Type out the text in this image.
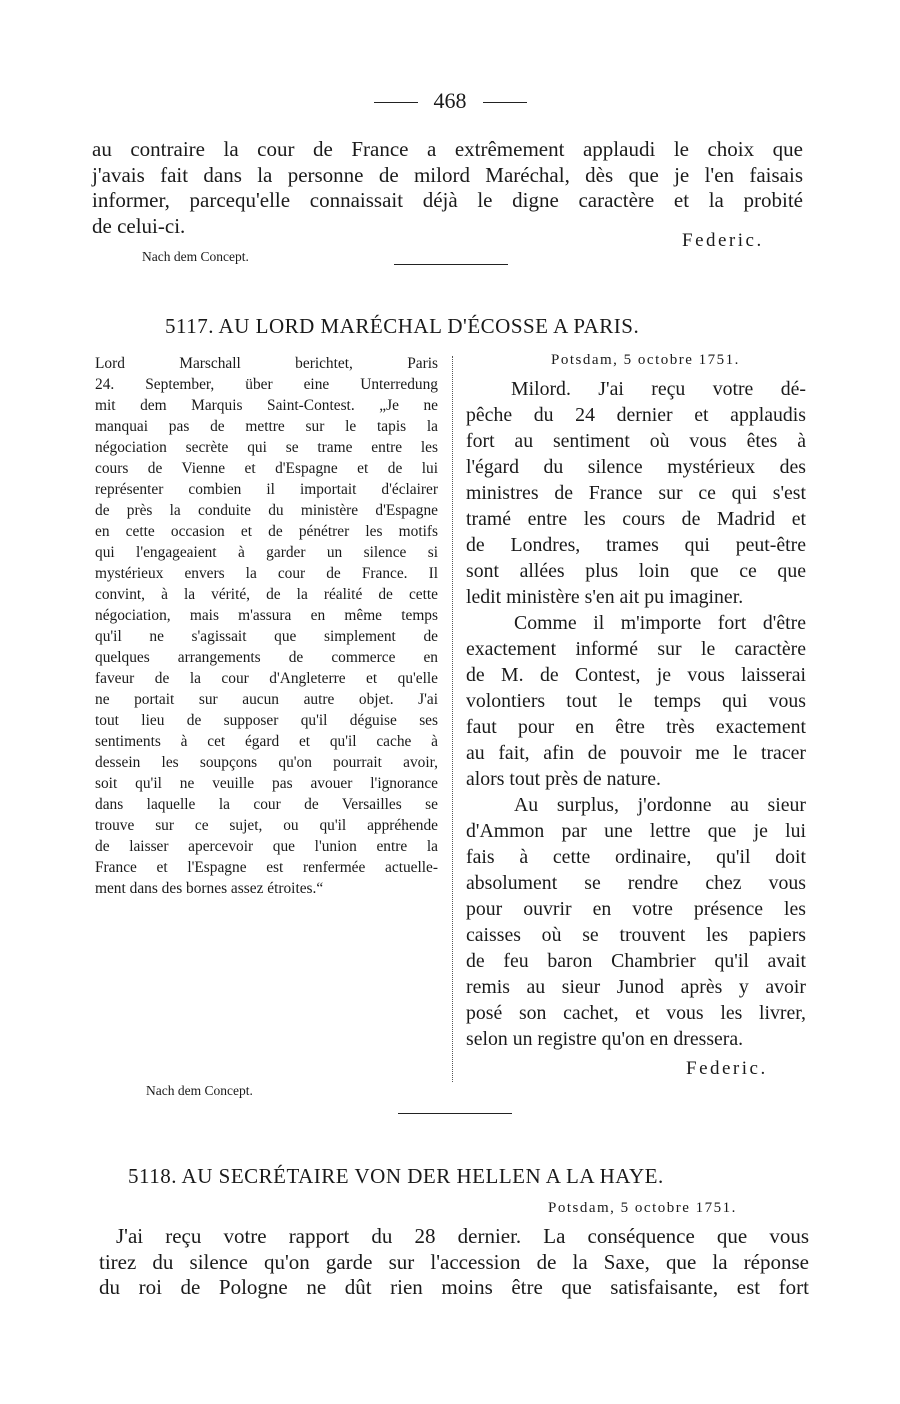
468
au contraire la cour de France a extrêmement applaudi le choix que
j'avais fait dans la personne de milord Maréchal, dès que je l'en faisais
informer, parcequ'elle connaissait déjà le digne caractère et la probité
de celui-ci.
Federic.
Nach dem Concept.
5117. AU LORD MARÉCHAL D'ÉCOSSE A PARIS.
Lord Marschall berichtet, Paris
24. September, über eine Unterredung
mit dem Marquis Saint-Contest. „Je ne
manquai pas de mettre sur le tapis la
négociation secrète qui se trame entre les
cours de Vienne et d'Espagne et de lui
représenter combien il importait d'éclairer
de près la conduite du ministère d'Espagne
en cette occasion et de pénétrer les motifs
qui l'engageaient à garder un silence si
mystérieux envers la cour de France. Il
convint, à la vérité, de la réalité de cette
négociation, mais m'assura en même temps
qu'il ne s'agissait que simplement de
quelques arrangements de commerce en
faveur de la cour d'Angleterre et qu'elle
ne portait sur aucun autre objet. J'ai
tout lieu de supposer qu'il déguise ses
sentiments à cet égard et qu'il cache à
dessein les soupçons qu'on pourrait avoir,
soit qu'il ne veuille pas avouer l'ignorance
dans laquelle la cour de Versailles se
trouve sur ce sujet, ou qu'il appréhende
de laisser apercevoir que l'union entre la
France et l'Espagne est renfermée actuelle-
ment dans des bornes assez étroites.“
Potsdam, 5 octobre 1751.
Milord. J'ai reçu votre dé-
pêche du 24 dernier et applaudis
fort au sentiment où vous êtes à
l'égard du silence mystérieux des
ministres de France sur ce qui s'est
tramé entre les cours de Madrid et
de Londres, trames qui peut-être
sont allées plus loin que ce que
ledit ministère s'en ait pu imaginer.
Comme il m'importe fort d'être
exactement informé sur le caractère
de M. de Contest, je vous laisserai
volontiers tout le temps qui vous
faut pour en être très exactement
au fait, afin de pouvoir me le tracer
alors tout près de nature.
Au surplus, j'ordonne au sieur
d'Ammon par une lettre que je lui
fais à cette ordinaire, qu'il doit
absolument se rendre chez vous
pour ouvrir en votre présence les
caisses où se trouvent les papiers
de feu baron Chambrier qu'il avait
remis au sieur Junod après y avoir
posé son cachet, et vous les livrer,
selon un registre qu'on en dressera.
Federic.
Nach dem Concept.
5118. AU SECRÉTAIRE VON DER HELLEN A LA HAYE.
Potsdam, 5 octobre 1751.
J'ai reçu votre rapport du 28 dernier. La conséquence que vous
tirez du silence qu'on garde sur l'accession de la Saxe, que la réponse
du roi de Pologne ne dût rien moins être que satisfaisante, est fort
